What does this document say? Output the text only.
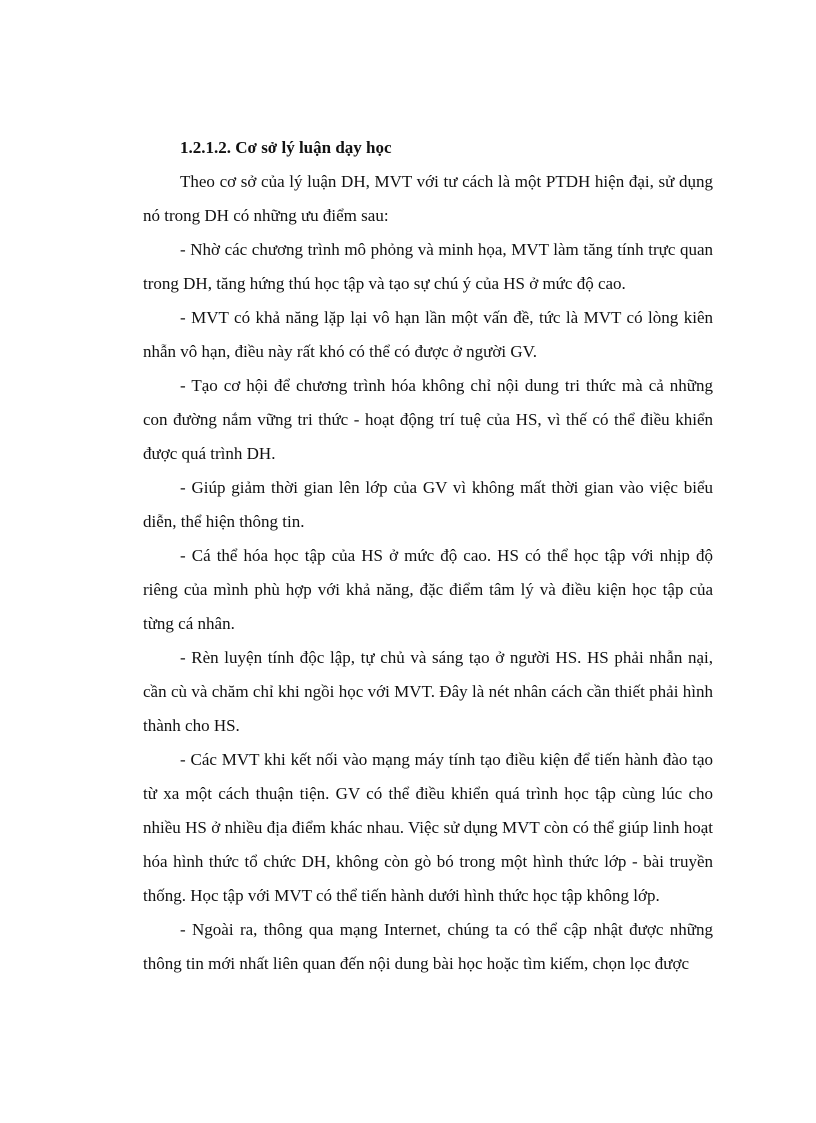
1.2.1.2. Cơ sở lý luận dạy học

Theo cơ sở của lý luận DH, MVT với tư cách là một PTDH hiện đại, sử dụng nó trong DH có những ưu điểm sau:

- Nhờ các chương trình mô phỏng và minh họa, MVT làm tăng tính trực quan trong DH, tăng hứng thú học tập và tạo sự chú ý của HS ở mức độ cao.

- MVT có khả năng lặp lại vô hạn lần một vấn đề, tức là MVT có lòng kiên nhẫn vô hạn, điều này rất khó có thể có được ở người GV.

- Tạo cơ hội để chương trình hóa không chỉ nội dung tri thức mà cả những con đường nắm vững tri thức - hoạt động trí tuệ của HS, vì thế có thể điều khiển được quá trình DH.

- Giúp giảm thời gian lên lớp của GV vì không mất thời gian vào việc biểu diễn, thể hiện thông tin.

- Cá thể hóa học tập của HS ở mức độ cao. HS có thể học tập với nhịp độ riêng của mình phù hợp với khả năng, đặc điểm tâm lý và điều kiện học tập của từng cá nhân.

- Rèn luyện tính độc lập, tự chủ và sáng tạo ở người HS. HS phải nhẫn nại, cần cù và chăm chỉ khi ngồi học với MVT. Đây là nét nhân cách cần thiết phải hình thành cho HS.

- Các MVT khi kết nối vào mạng máy tính tạo điều kiện để tiến hành đào tạo từ xa một cách thuận tiện. GV có thể điều khiển quá trình học tập cùng lúc cho nhiều HS ở nhiều địa điểm khác nhau. Việc sử dụng MVT còn có thể giúp linh hoạt hóa hình thức tổ chức DH, không còn gò bó trong một hình thức lớp - bài truyền thống. Học tập với MVT có thể tiến hành dưới hình thức học tập không lớp.

- Ngoài ra, thông qua mạng Internet, chúng ta có thể cập nhật được những thông tin mới nhất liên quan đến nội dung bài học hoặc tìm kiếm, chọn lọc được
